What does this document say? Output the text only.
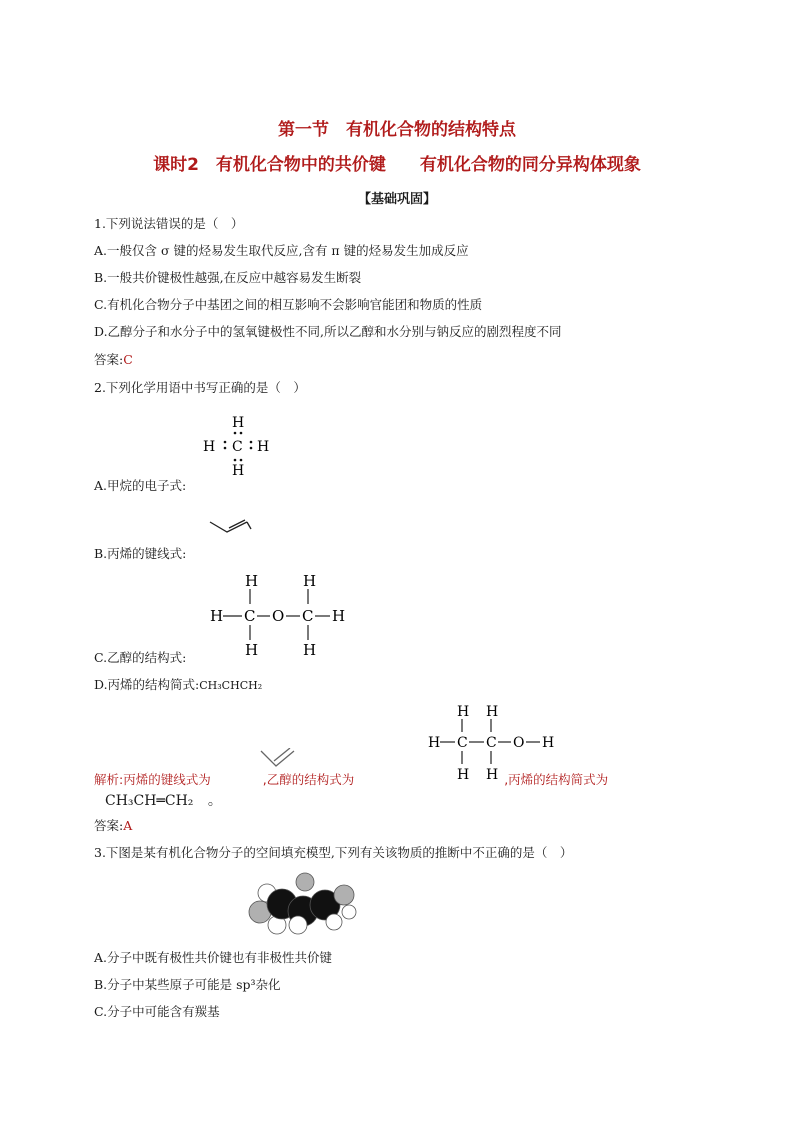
第一节　有机化合物的结构特点
课时2　有机化合物中的共价键　　有机化合物的同分异构体现象
【基础巩固】
1.下列说法错误的是（　）
A.一般仅含 σ 键的烃易发生取代反应,含有 π 键的烃易发生加成反应
B.一般共价键极性越强,在反应中越容易发生断裂
C.有机化合物分子中基团之间的相互影响不会影响官能团和物质的性质
D.乙醇分子和水分子中的氢氧键极性不同,所以乙醇和水分别与钠反应的剧烈程度不同
答案:C
2.下列化学用语中书写正确的是（　）
H
H C H
H
A.甲烷的电子式:
B.丙烯的键线式:
H	H
H C O C H
H	H
C.乙醇的结构式:
D.丙烯的结构简式:CH₃CHCH₂
H H
H C C O H
H H
解析:丙烯的键线式为	,乙醇的结构式为	,丙烯的结构简式为
CH₃CH═CH₂ 。
答案:A
3.下图是某有机化合物分子的空间填充模型,下列有关该物质的推断中不正确的是（　）
A.分子中既有极性共价键也有非极性共价键
B.分子中某些原子可能是 sp³杂化
C.分子中可能含有羰基
